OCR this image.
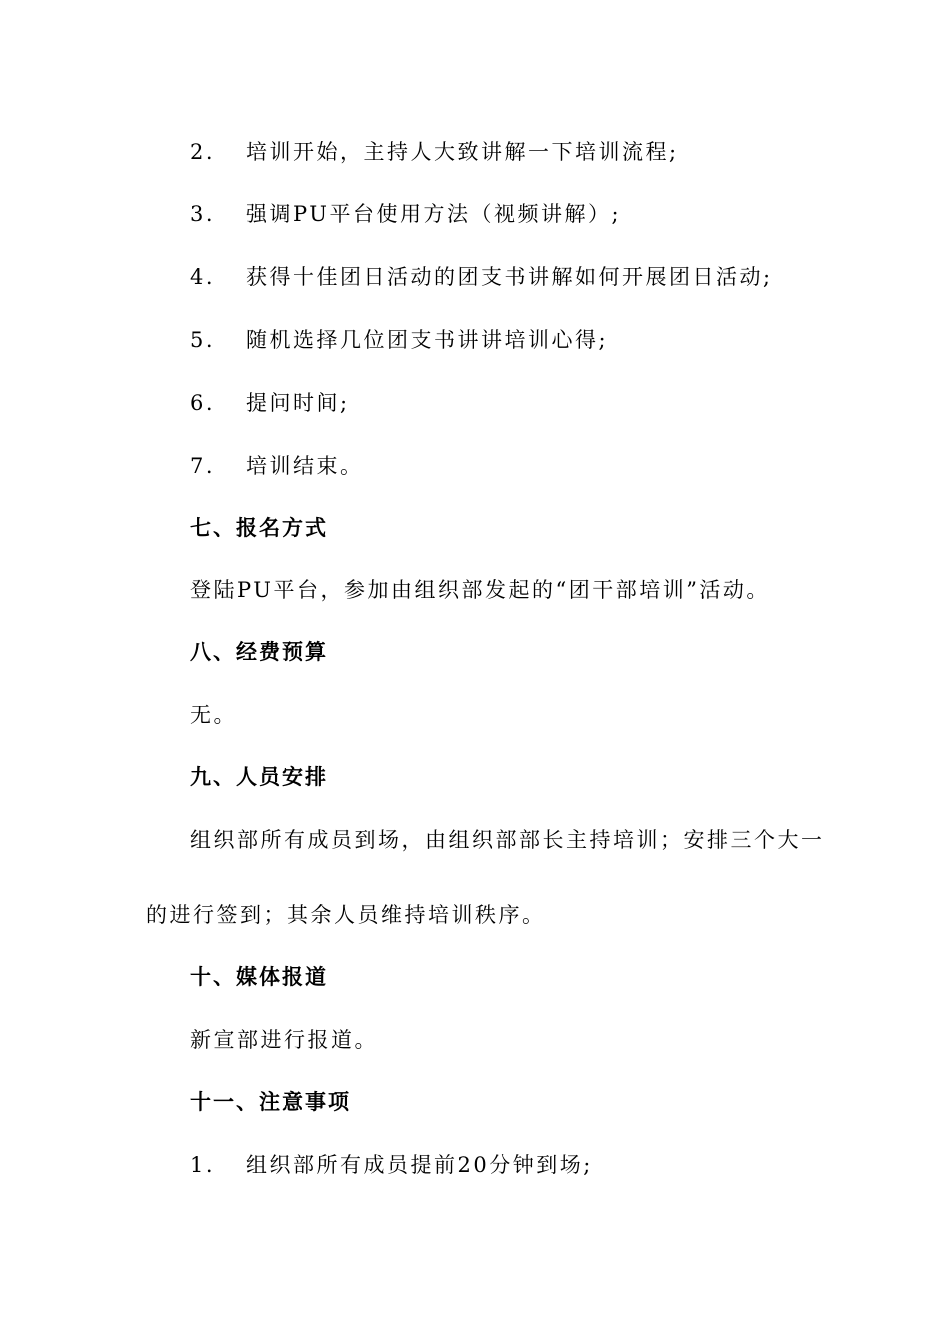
2. 培训开始，主持人大致讲解一下培训流程;
3. 强调PU平台使用方法（视频讲解）;
4. 获得十佳团日活动的团支书讲解如何开展团日活动;
5. 随机选择几位团支书讲讲培训心得;
6. 提问时间;
7. 培训结束。
七、报名方式
登陆PU平台，参加由组织部发起的“团干部培训”活动。
八、经费预算
无。
九、人员安排
组织部所有成员到场，由组织部部长主持培训；安排三个大一
的进行签到；其余人员维持培训秩序。
十、媒体报道
新宣部进行报道。
十一、注意事项
1. 组织部所有成员提前20分钟到场;
